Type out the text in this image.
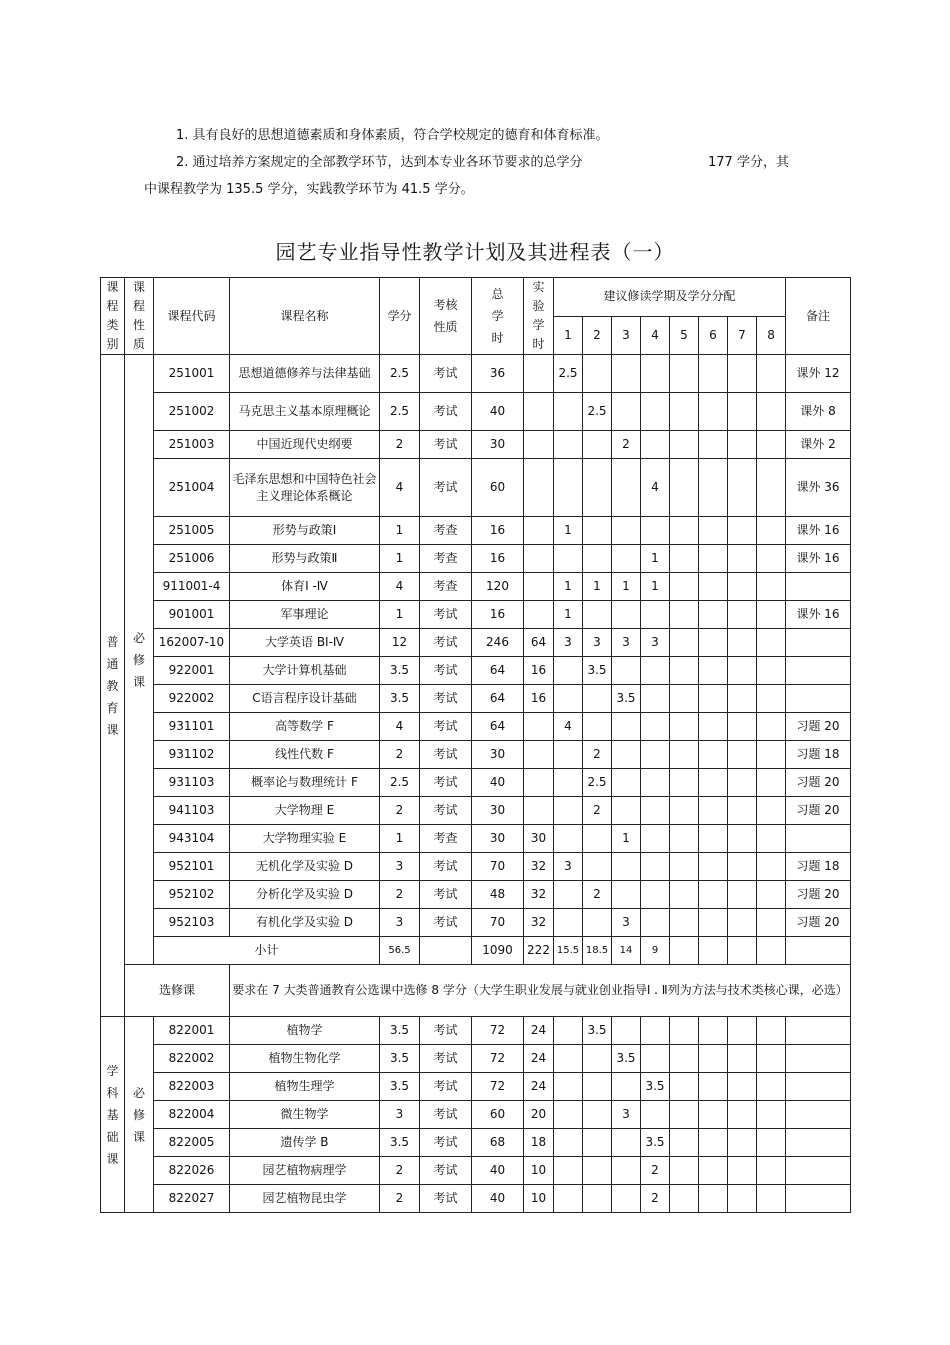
1. 具有良好的思想道德素质和身体素质，符合学校规定的德育和体育标准。
2. 通过培养方案规定的全部教学环节，达到本专业各环节要求的总学分	177 学分，其
中课程教学为 135.5 学分，实践教学环节为 41.5 学分。
园艺专业指导性教学计划及其进程表（一）
课程类别	课程性质	课程代码	课程名称	学分	考核性质	总学时	实验学时	建议修读学期及学分分配								备注
								1	2	3	4	5	6	7	8	
普通教育课	必修课	251001	思想道德修养与法律基础	2.5	考试	36		2.5								课外 12
		251002	马克思主义基本原理概论	2.5	考试	40			2.5							课外 8
		251003	中国近现代史纲要	2	考试	30				2						课外 2
		251004	毛泽东思想和中国特色社会主义理论体系概论	4	考试	60					4					课外 36
		251005	形势与政策Ⅰ	1	考查	16		1								课外 16
		251006	形势与政策Ⅱ	1	考查	16					1					课外 16
		911001-4	体育Ⅰ -Ⅳ	4	考查	120		1	1	1	1					
		901001	军事理论	1	考试	16		1								课外 16
		162007-10	大学英语 BⅠ-Ⅳ	12	考试	246	64	3	3	3	3					
		922001	大学计算机基础	3.5	考试	64	16		3.5							
		922002	C语言程序设计基础	3.5	考试	64	16			3.5						
		931101	高等数学 F	4	考试	64		4								习题 20
		931102	线性代数 F	2	考试	30			2							习题 18
		931103	概率论与数理统计 F	2.5	考试	40			2.5							习题 20
		941103	大学物理 E	2	考试	30			2							习题 20
		943104	大学物理实验 E	1	考查	30	30			1						
		952101	无机化学及实验 D	3	考试	70	32	3								习题 18
		952102	分析化学及实验 D	2	考试	48	32		2							习题 20
		952103	有机化学及实验 D	3	考试	70	32			3						习题 20
		小计		56.5		1090	222	15.5	18.5	14	9					
	选修课		要求在 7 大类普通教育公选课中选修 8 学分（大学生职业发展与就业创业指导Ⅰ . Ⅱ列为方法与技术类核心课，必选）													
学科基础课	必修课	822001	植物学	3.5	考试	72	24		3.5							
		822002	植物生物化学	3.5	考试	72	24			3.5						
		822003	植物生理学	3.5	考试	72	24				3.5					
		822004	微生物学	3	考试	60	20			3						
		822005	遗传学 B	3.5	考试	68	18				3.5					
		822026	园艺植物病理学	2	考试	40	10				2					
		822027	园艺植物昆虫学	2	考试	40	10				2					
